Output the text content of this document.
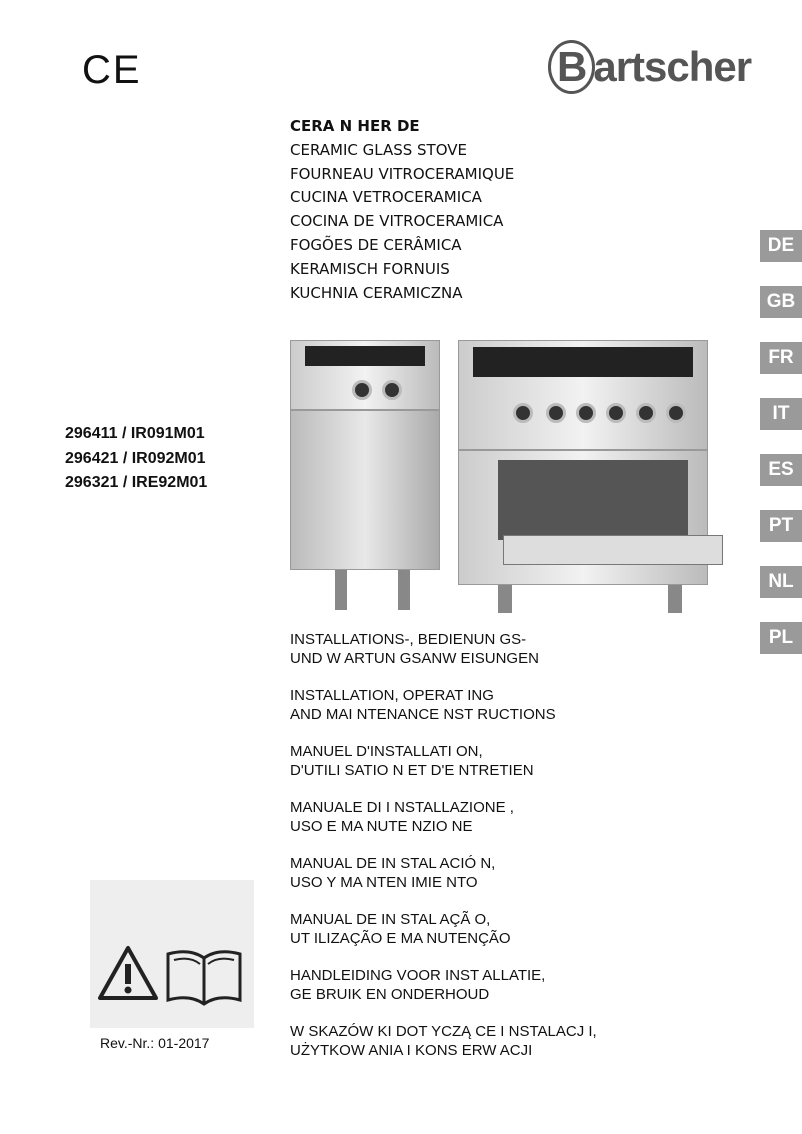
CE	B artscher
CERA N HER DE
CERAMIC GLASS STOVE
FOURNEAU VITROCERAMIQUE
CUCINA VETROCERAMICA
COCINA DE VITROCERAMICA
FOGÕES DE CERÂMICA
KERAMISCH FORNUIS
KUCHNIA CERAMICZNA
296411 / IR091M01
296421 / IR092M01
296321 / IRE92M01
DE
GB
FR
IT
ES
PT
NL
PL
INSTALLATIONS-, BEDIENUN GS-
UND W ARTUN GSANW EISUNGEN
INSTALLATION, OPERAT ING
AND MAI NTENANCE NST RUCTIONS
MANUEL D'INSTALLATI ON,
D'UTILI SATIO N ET D'E NTRETIEN
MANUALE DI I NSTALLAZIONE ,
USO E MA NUTE NZIO NE
MANUAL DE IN STAL ACIÓ N,
USO Y MA NTEN IMIE NTO
MANUAL DE IN STAL AÇÃ O,
UT ILIZAÇÃO E MA NUTENÇÃO
HANDLEIDING VOOR INST ALLATIE,
GE BRUIK EN ONDERHOUD
W SKAZÓW KI DOT YCZĄ CE I NSTALACJ I,
UŻYTKOW ANIA I KONS ERW ACJI
Rev.-Nr.: 01-2017
